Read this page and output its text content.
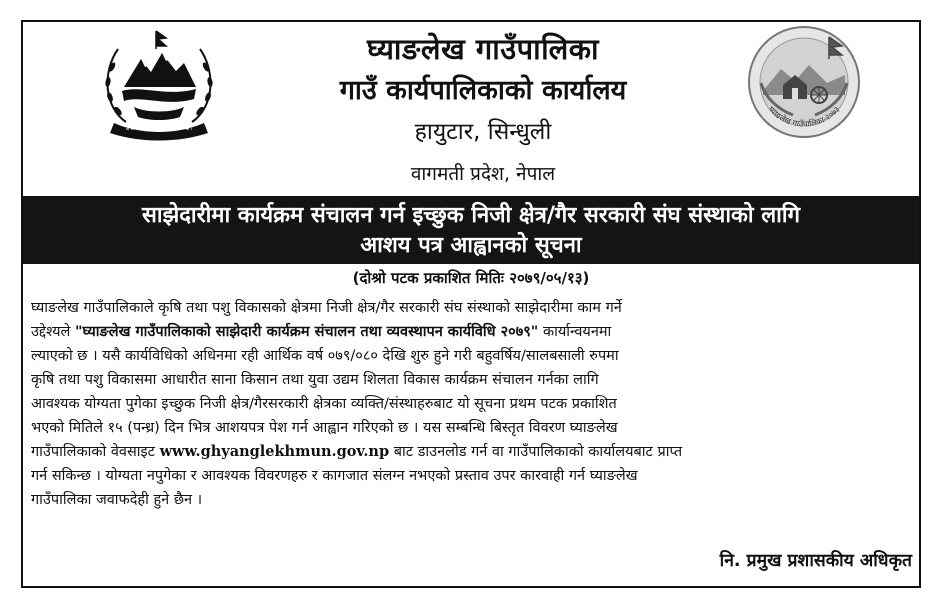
घ्याङलेख गाउँपालिका-२०७३
घ्याङलेख गाउँपालिका
गाउँ कार्यपालिकाको कार्यालय
हायुटार, सिन्धुली
वागमती प्रदेश, नेपाल
साझेदारीमा कार्यक्रम संचालन गर्न इच्छुक निजी क्षेत्र/गैर सरकारी संघ संस्थाको लागि
आशय पत्र आह्वानको सूचना
(दोश्रो पटक प्रकाशित मितिः २०७९/०५/१३)
घ्याङलेख गाउँपालिकाले कृषि तथा पशु विकासको क्षेत्रमा निजी क्षेत्र/गैर सरकारी संघ संस्थाको साझेदारीमा काम गर्ने
उद्देश्यले "घ्याङलेख गाउँपालिकाको साझेदारी कार्यक्रम संचालन तथा व्यवस्थापन कार्यविधि २०७९" कार्यान्वयनमा
ल्याएको छ । यसै कार्यविधिको अधिनमा रही आर्थिक वर्ष ०७९/०८० देखि शुरु हुने गरी बहुवर्षिय/सालबसाली रुपमा
कृषि तथा पशु विकासमा आधारीत साना किसान तथा युवा उद्यम शिलता विकास कार्यक्रम संचालन गर्नका लागि
आवश्यक योग्यता पुगेका इच्छुक निजी क्षेत्र/गैरसरकारी क्षेत्रका व्यक्ति/संस्थाहरुबाट यो सूचना प्रथम पटक प्रकाशित
भएको मितिले १५ (पन्ध्र) दिन भित्र आशयपत्र पेश गर्न आह्वान गरिएको छ । यस सम्बन्धि बिस्तृत विवरण घ्याङलेख
गाउँपालिकाको वेवसाइट www.ghyanglekhmun.gov.np बाट डाउनलोड गर्न वा गाउँपालिकाको कार्यालयबाट प्राप्त
गर्न सकिन्छ । योग्यता नपुगेका र आवश्यक विवरणहरु र कागजात संलग्न नभएको प्रस्ताव उपर कारवाही गर्न घ्याङलेख
गाउँपालिका जवाफदेही हुने छैन ।
नि. प्रमुख प्रशासकीय अधिकृत
